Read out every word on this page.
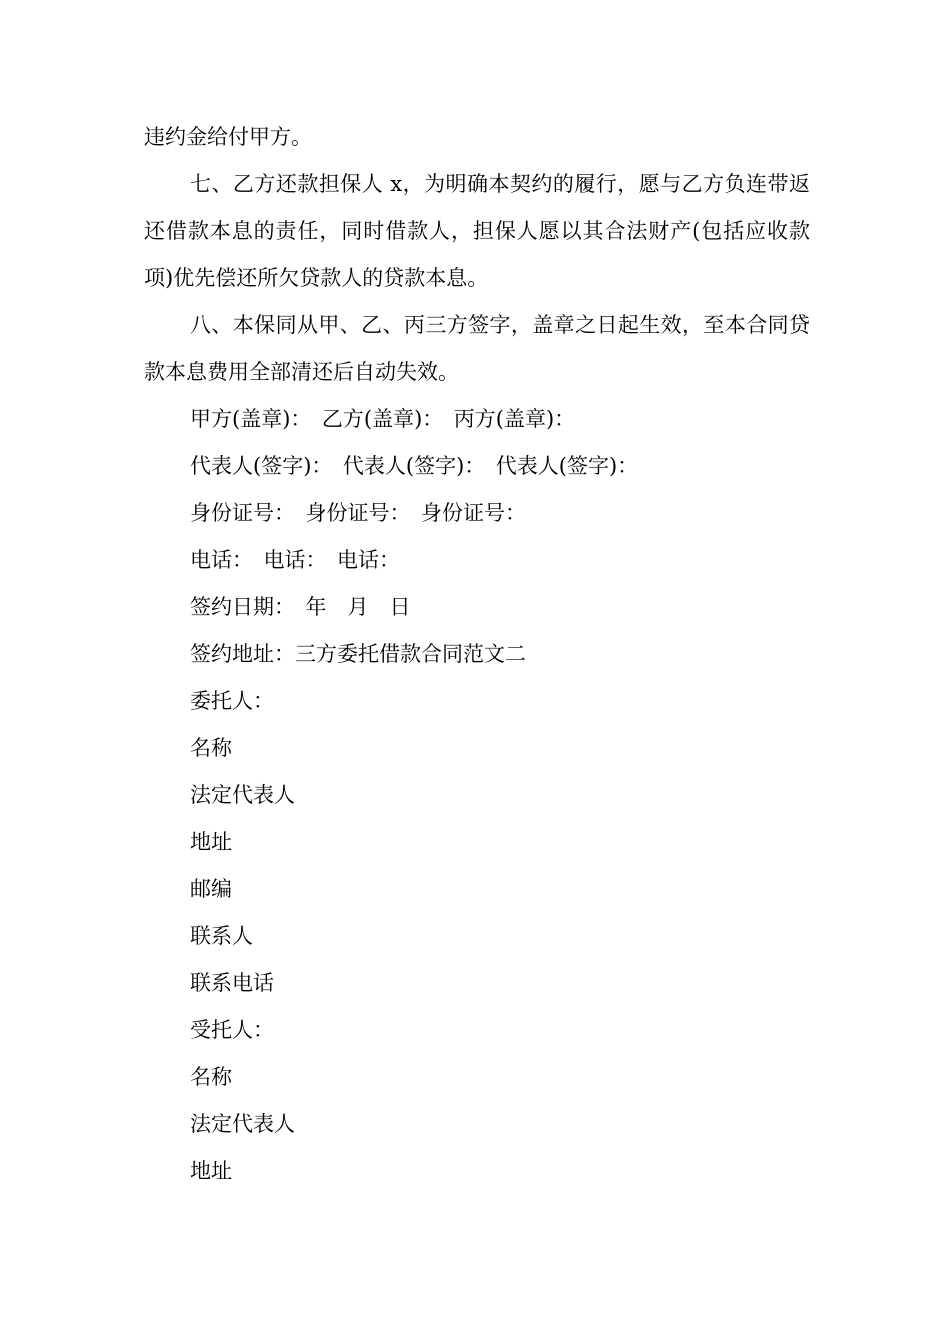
违约金给付甲方。

七、乙方还款担保人 x，为明确本契约的履行，愿与乙方负连带返还借款本息的责任，同时借款人，担保人愿以其合法财产(包括应收款项)优先偿还所欠贷款人的贷款本息。

八、本保同从甲、乙、丙三方签字，盖章之日起生效，至本合同贷款本息费用全部清还后自动失效。

甲方(盖章)：　乙方(盖章)：　丙方(盖章)：

代表人(签字)：　代表人(签字)：　代表人(签字)：

身份证号：　身份证号：　身份证号：

电话：　电话：　电话：

签约日期：　年　月　日

签约地址：三方委托借款合同范文二

委托人：

名称

法定代表人

地址

邮编

联系人

联系电话

受托人：

名称

法定代表人

地址
